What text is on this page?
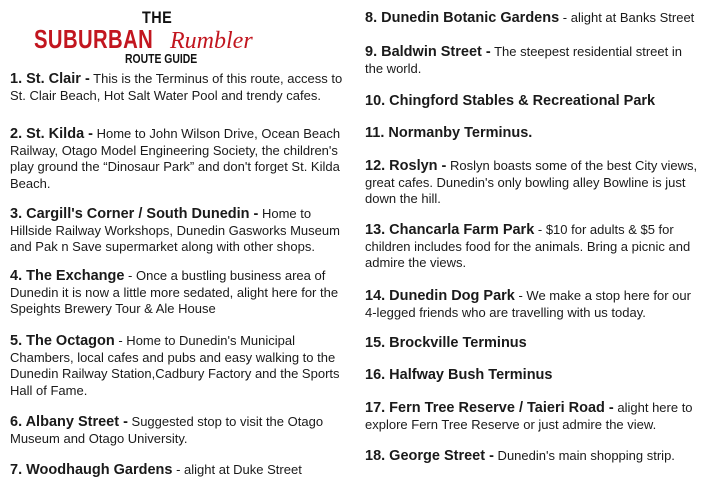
THE
SUBURBAN Rumbler
ROUTE GUIDE
1. St. Clair - This is the Terminus of this route, access to St. Clair Beach, Hot Salt Water Pool and trendy cafes.
2. St. Kilda - Home to John Wilson Drive, Ocean Beach Railway, Otago Model Engineering Society, the children's play ground the “Dinosaur Park” and don't forget St. Kilda Beach.
3. Cargill's Corner / South Dunedin - Home to Hillside Railway Workshops, Dunedin Gasworks Museum and Pak n Save supermarket along with other shops.
4. The Exchange - Once a bustling business area of Dunedin it is now a little more sedated, alight here for the Speights Brewery Tour & Ale House
5. The Octagon - Home to Dunedin's Municipal Chambers, local cafes and pubs and easy walking to the Dunedin Railway Station,Cadbury Factory and the Sports Hall of Fame.
6. Albany Street - Suggested stop to visit the Otago Museum and Otago University.
7. Woodhaugh Gardens - alight at Duke Street
8. Dunedin Botanic Gardens - alight at Banks Street
9. Baldwin Street - The steepest residential street in the world.
10. Chingford Stables & Recreational Park
11. Normanby Terminus.
12. Roslyn - Roslyn boasts some of the best City views, great cafes. Dunedin's only bowling alley Bowline is just down the hill.
13. Chancarla Farm Park - $10 for adults & $5 for children includes food for the animals. Bring a picnic and admire the views.
14. Dunedin Dog Park - We make a stop here for our 4-legged friends who are travelling with us today.
15. Brockville Terminus
16. Halfway Bush Terminus
17. Fern Tree Reserve / Taieri Road - alight here to explore Fern Tree Reserve or just admire the view.
18. George Street - Dunedin's main shopping strip.
